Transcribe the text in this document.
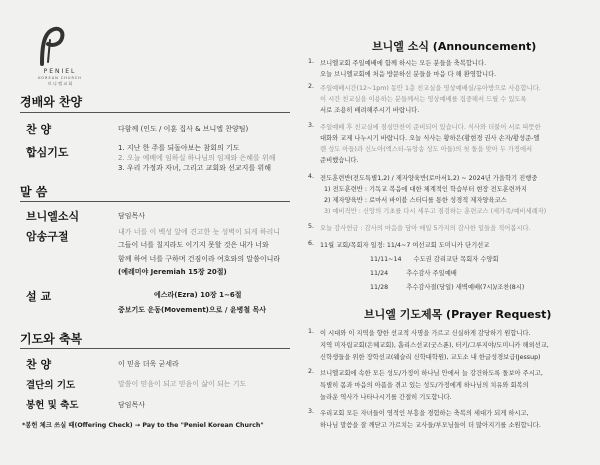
PENIEL
KOREAN CHURCH
브 니 엘 교 회
경배와 찬양
찬 양	다함께 (인도 / 이훈 집사 & 브니엘 찬양팀)
합심기도	1. 지난 한 주를 되돌아보는 참회의 기도
2. 오늘 예배에 임하실 하나님의 임재와 은혜를 위해
3. 우리 가정과 자녀, 그리고 교회와 선교지를 위해
말 씀
브니엘소식	담임목사
암송구절	내가 너를 이 백성 앞에 견고한 놋 성벽이 되게 하리니
그들이 너를 칠지라도 이기지 못할 것은 내가 너와
함께 하여 너를 구하며 건짐이라 여호와의 말씀이니라
(예레미야 Jeremiah 15장 20절)
설 교	에스라(Ezra) 10장 1~6절
중보기도 운동(Movement)으로 / 윤병철 목사
기도와 축복
찬 양	이 믿음 더욱 굳세라
결단의 기도	말씀이 믿음이 되고 믿음이 삶이 되는 기도
봉헌 및 축도	담임목사
*봉헌 체크 쓰실 때(Offering Check) → Pay to the "Peniel Korean Church"
브니엘 소식 (Announcement)
1. 브니엘교회 주일예배에 함께 하시는 모든 분들을 축복합니다.
오늘 브니엘교회에 처음 방문하신 분들을 마음 다 해 환영합니다.
2. 주일예배시간(12~1pm) 동안 1층 친교실을 영상예배실/유아방으로 사용합니다.
이 시간 친교실을 이용하는 분들께서는 영상예배를 집중해서 드릴 수 있도록
서로 조용히 배려해주시기 바랍니다.
3. 주일예배 후 친교실에 점심만찬이 준비되어 있습니다. 식사와 더불어 서로 따뜻한
대화와 교제 나누시기 바랍니다. 오늘 식사는 황하은(황현경 권사 손자/황성준-엘
렌 성도 아들)과 신노아(엑스터-듀앙송 성도 아들)의 첫 돌을 맞아 두 가정에서
준비했습니다.
4. 전도훈련반(전도특별1,2) / 제자양육반(로마서1,2) ~ 2024년 가을학기 진행중
1) 전도훈련반 : 기독교 복음에 대한 체계적인 학습부터 현장 전도훈련까지
2) 제자양육반 : 로마서 바이블 스터디를 통한 성경적 제자양육코스
3) 예비직반 : 신앙의 기초를 다시 세우고 점검하는 훈련코스 (세가족/예비세례자)
5. 오늘 감사헌금 : 감사의 마음을 담아 매일 5가지의 감사한 일들을 적어봅시다.
6. 11월 교회/목회자 일정: 11/4~7 여선교회 도미니카 단기선교
11/11~14      수도권 감리교단 목회자 수양회
11/24         추수감사 주일예배
11/28         추수감사절(당일) 새벽예배(7시)/조찬(8시)
브니엘 기도제목 (Prayer Request)
1. 이 시대와 이 지역을 향한 선교적 사명을 가르고 신실하게 감당하기 원합니다.
지역 미자립교회(은혜교회), 흡리스선교(굿스푼), 터키/그루지야/도미니카 해외선교,
신학생들을 위한 장학선교(웨슬리 신학대학원), 교도소 내 한글성경보급(Jessup)
2. 브니엘교회에 속한 모든 성도/가정이 하나님 안에서 늘 강건하도록 돌보아 주시고,
특별히 몸과 마음의 아픔을 겪고 있는 성도/가정에게 하나님의 치유와 회복의
놀라운 역사가 나타나시기를 간절히 기도합니다.
3. 우리교회 모든 자녀들이 영적인 부흥을 경험하는 축복의 세대가 되게 하시고,
하나님 말씀을 잘 깨닫고 가르치는 교사들/부모님들이 더 많아지기를 소원합니다.
